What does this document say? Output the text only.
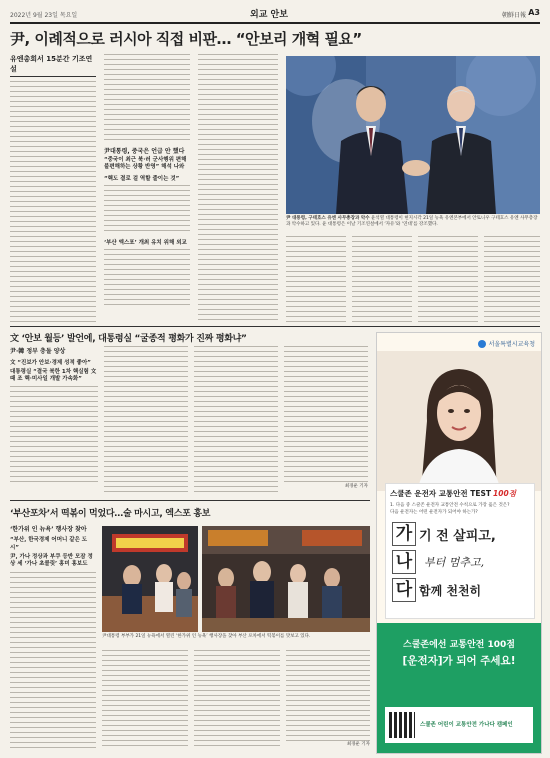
2022년 9월 23일 목요일	외교 안보	朝鮮日報 A3
尹, 이례적으로 러시아 직접 비판… “안보리 개혁 필요”
유엔총회서 15분간 기조연설
尹대통령, 중국은 언급 안 했다
“중국이 최근 북·러 군사행위 편해 불편해하는 상황 반영” 해석 나와
“핵도 결로 겉 역할 줄이는 것”
‘부산 엑스포’ 개최 유치 위해 외교
尹 대통령, 구테흐스 유엔 사무총장과 악수 윤석열 대통령이 현지시각 21일 뉴욕 유엔본부에서 안토니우 구테흐스 유엔 사무총장과 악수하고 있다. 윤 대통령은 이날 기조연설에서 ‘자유’와 ‘연대’를 강조했다.
文 ‘안보 월등’ 발언에, 대통령실 “굴종적 평화가 진짜 평화냐”
尹·韓 정부 충돌 양상
文 “진보가 안보·경제 성적 좋아”
대통령실 “결국 북한 1차 핵실험 文때 조 핵·미사일 개발 가속화”
최경운 기자
‘부산포차’서 떡볶이 먹었다…술 마시고, 엑스포 홍보
‘한가위 인 뉴욕’ 행사장 찾아
“부산, 한국경제 어머니 같은 도시”
尹, 가나 정상과 부쿠 등반 모잠 정상 세 ‘가나 초콜릿’ 홍미 홍보도
尹대통령 부부가 21일 뉴욕에서 열린 ‘한가위 인 뉴욕’ 행사장을 찾아 부산 포차에서 떡볶이를 맛보고 있다.
최경운 기자
서울특별시교육청
스쿨존 운전자 교통안전 TEST 100점
1. 다음 중 스쿨존 운전자 교통안전 수칙으로 가장 옳은 것은?
다음 운전자는 어떤 운전자가 되어야 하는가?
가 기 전 살피고,
나	부터 멈추고,
다 함께 천천히
스쿨존에선 교통안전 100점
[운전자]가 되어 주세요!
스쿨존 어린이 교통안전 가나다 캠페인
